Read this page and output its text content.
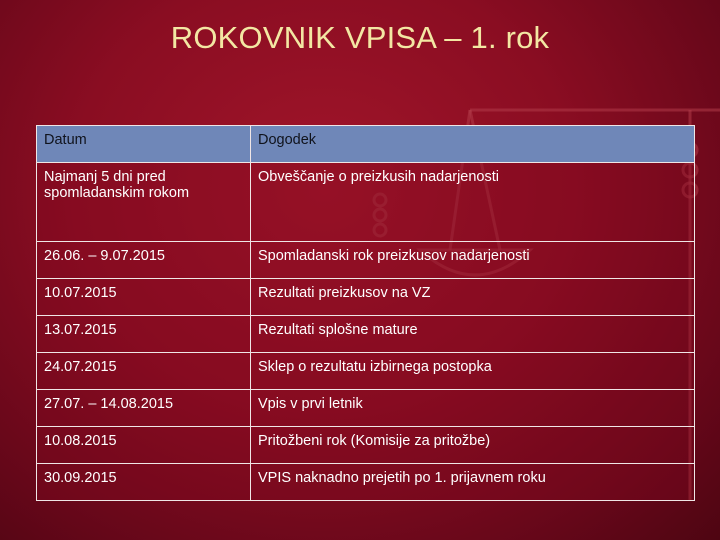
ROKOVNIK VPISA – 1. rok
Datum	Dogodek
Najmanj 5 dni pred spomladanskim rokom	Obveščanje o preizkusih nadarjenosti
26.06. – 9.07.2015	Spomladanski rok preizkusov nadarjenosti
10.07.2015	Rezultati preizkusov na VZ
13.07.2015	Rezultati splošne mature
24.07.2015	Sklep o rezultatu izbirnega postopka
27.07. – 14.08.2015	Vpis v prvi letnik
10.08.2015	Pritožbeni rok (Komisije za pritožbe)
30.09.2015	VPIS naknadno prejetih po 1. prijavnem roku
